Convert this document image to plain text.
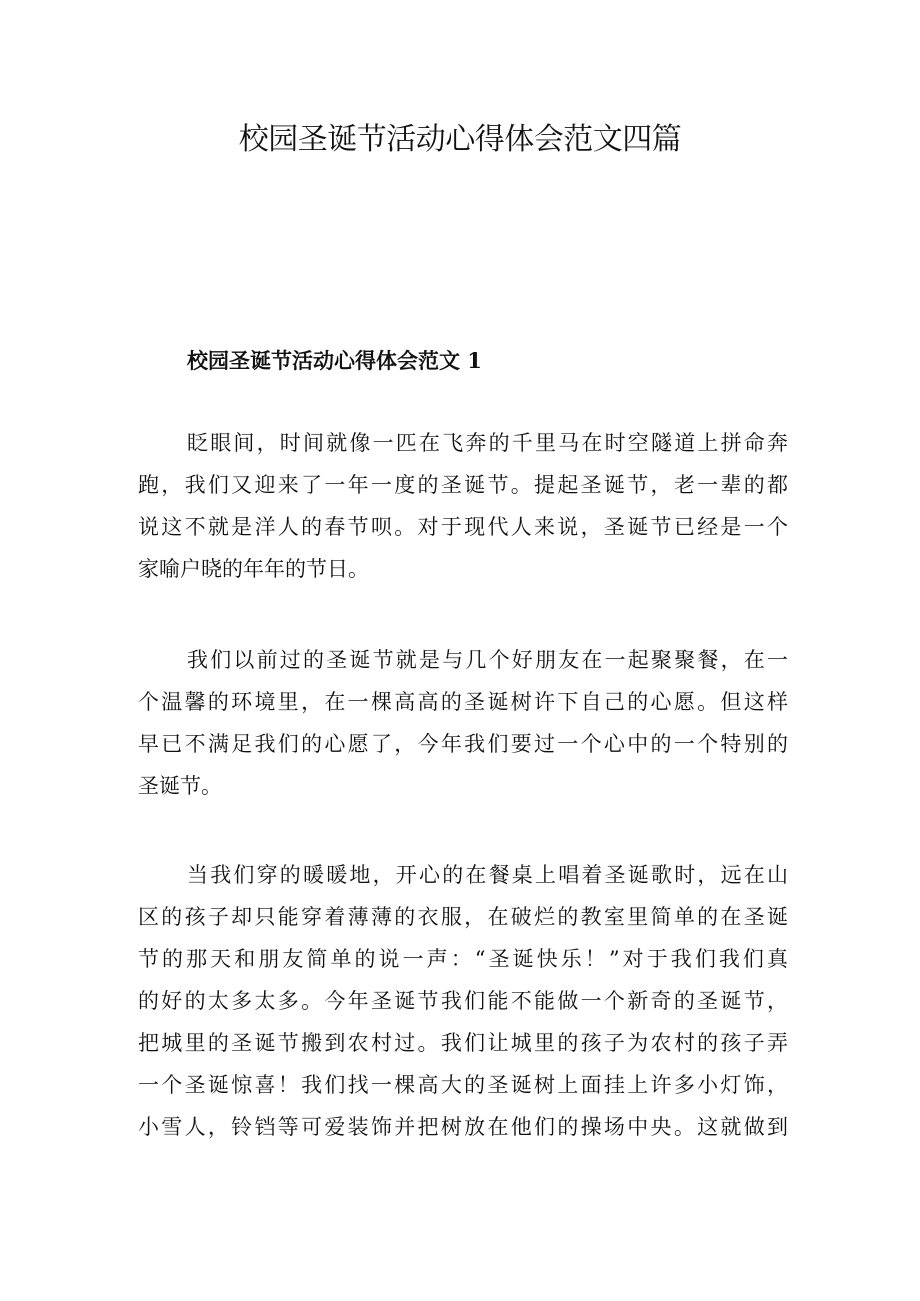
校园圣诞节活动心得体会范文四篇
校园圣诞节活动心得体会范文 1
眨眼间，时间就像一匹在飞奔的千里马在时空隧道上拼命奔
跑，我们又迎来了一年一度的圣诞节。提起圣诞节，老一辈的都
说这不就是洋人的春节呗。对于现代人来说，圣诞节已经是一个
家喻户晓的年年的节日。
我们以前过的圣诞节就是与几个好朋友在一起聚聚餐，在一
个温馨的环境里，在一棵高高的圣诞树许下自己的心愿。但这样
早已不满足我们的心愿了，今年我们要过一个心中的一个特别的
圣诞节。
当我们穿的暖暖地，开心的在餐桌上唱着圣诞歌时，远在山
区的孩子却只能穿着薄薄的衣服，在破烂的教室里简单的在圣诞
节的那天和朋友简单的说一声：“圣诞快乐！”对于我们我们真
的好的太多太多。今年圣诞节我们能不能做一个新奇的圣诞节，
把城里的圣诞节搬到农村过。我们让城里的孩子为农村的孩子弄
一个圣诞惊喜！我们找一棵高大的圣诞树上面挂上许多小灯饰，
小雪人，铃铛等可爱装饰并把树放在他们的操场中央。这就做到
